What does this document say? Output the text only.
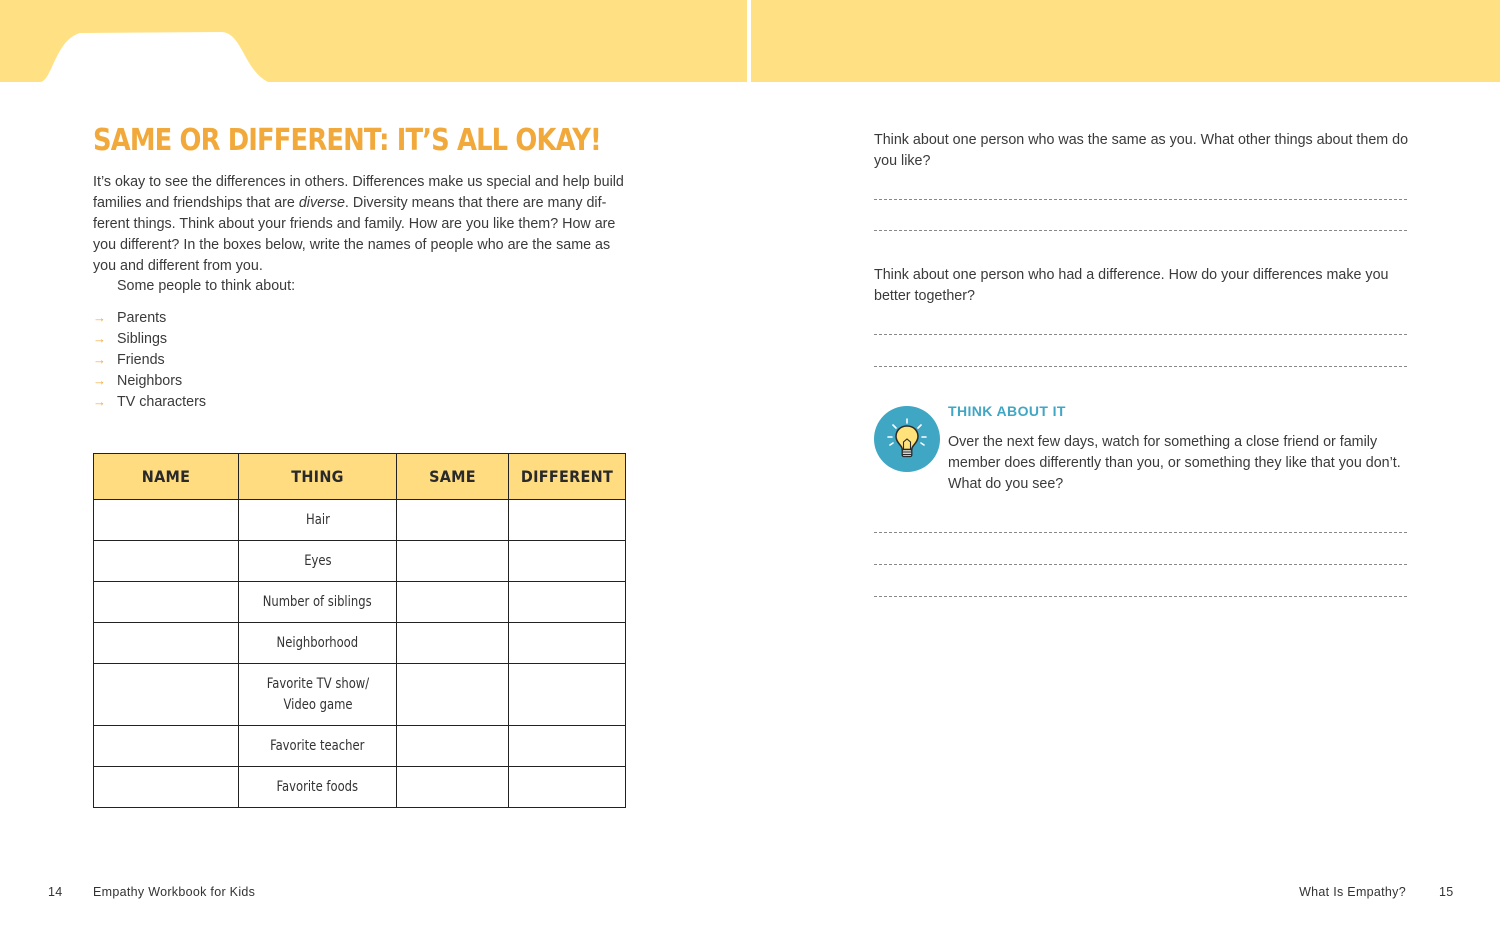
SAME OR DIFFERENT: IT’S ALL OKAY!

It’s okay to see the differences in others. Differences make us special and help build families and friendships that are diverse. Diversity means that there are many different things. Think about your friends and family. How are you like them? How are you different? In the boxes below, write the names of people who are the same as you and different from you.

Some people to think about:

→ Parents
→ Siblings
→ Friends
→ Neighbors
→ TV characters
NAME	THING	SAME	DIFFERENT
	Hair		
	Eyes		
	Number of siblings		
	Neighborhood		
	Favorite TV show/ Video game		
	Favorite teacher		
	Favorite foods		
14 Empathy Workbook for Kids

Think about one person who was the same as you. What other things about them do you like?

Think about one person who had a difference. How do your differences make you better together?

THINK ABOUT IT

Over the next few days, watch for something a close friend or family member does differently than you, or something they like that you don’t. What do you see?

What Is Empathy?	15
